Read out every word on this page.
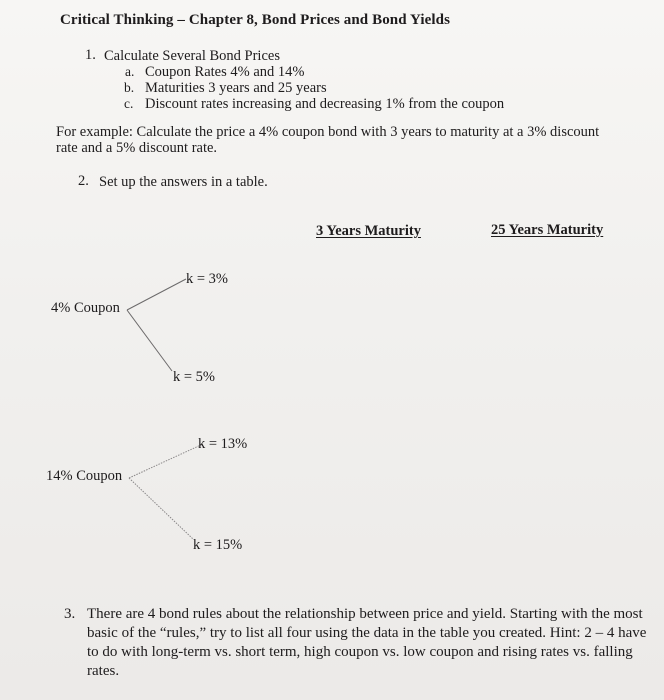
Critical Thinking – Chapter 8, Bond Prices and Bond Yields
1. Calculate Several Bond Prices
a. Coupon Rates 4% and 14%
b. Maturities 3 years and 25 years
c. Discount rates increasing and decreasing 1% from the coupon
For example: Calculate the price a 4% coupon bond with 3 years to maturity at a 3% discount
rate and a 5% discount rate.
2. Set up the answers in a table.
3 Years Maturity	25 Years Maturity
k = 3%
4% Coupon
k = 5%
k = 13%
14% Coupon
k = 15%
3. There are 4 bond rules about the relationship between price and yield. Starting with the most basic of the “rules,” try to list all four using the data in the table you created. Hint: 2 – 4 have to do with long-term vs. short term, high coupon vs. low coupon and rising rates vs. falling rates.
